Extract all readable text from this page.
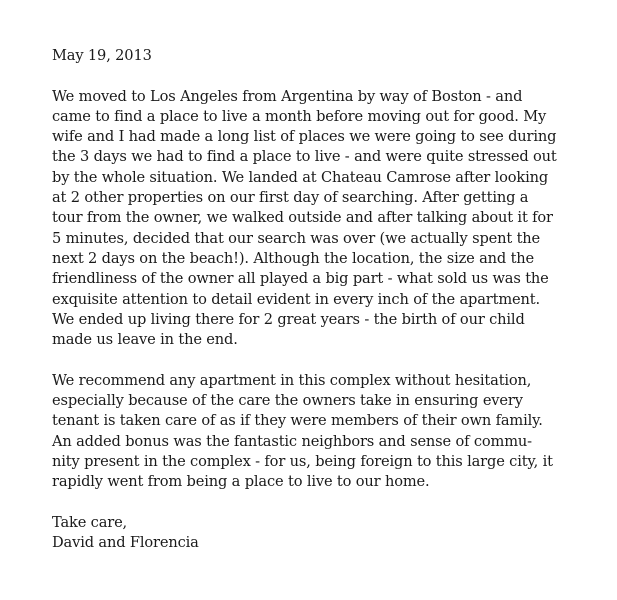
May 19, 2013
We moved to Los Angeles from Argentina by way of Boston - and
came to find a place to live a month before moving out for good. My
wife and I had made a long list of places we were going to see during
the 3 days we had to find a place to live - and were quite stressed out
by the whole situation. We landed at Chateau Camrose after looking
at 2 other properties on our first day of searching. After getting a
tour from the owner, we walked outside and after talking about it for
5 minutes, decided that our search was over (we actually spent the
next 2 days on the beach!). Although the location, the size and the
friendliness of the owner all played a big part - what sold us was the
exquisite attention to detail evident in every inch of the apartment.
We ended up living there for 2 great years - the birth of our child
made us leave in the end.
We recommend any apartment in this complex without hesitation,
especially because of the care the owners take in ensuring every
tenant is taken care of as if they were members of their own family.
An added bonus was the fantastic neighbors and sense of commu-
nity present in the complex - for us, being foreign to this large city, it
rapidly went from being a place to live to our home.
Take care,
David and Florencia
